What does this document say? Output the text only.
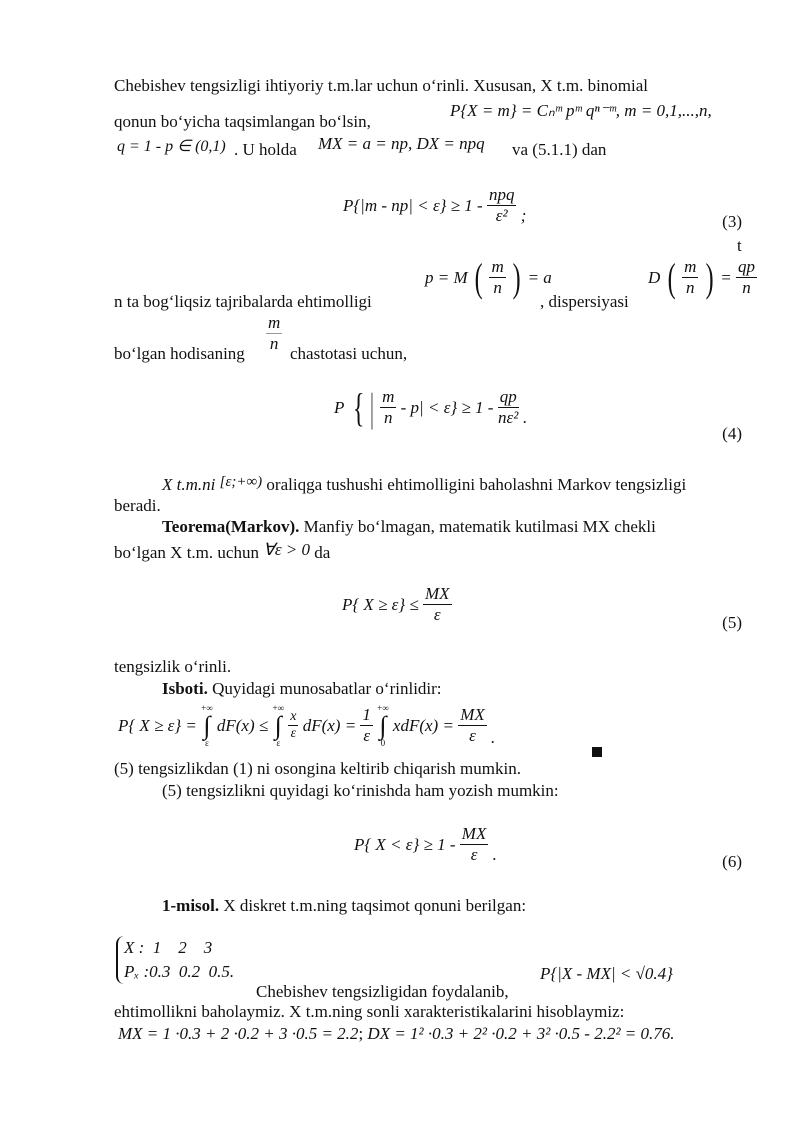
Chebishev tengsizligi ihtiyoriy t.m.lar uchun o‘rinli. Xususan, X t.m. binomial
qonun bo‘yicha taqsimlangan bo‘lsin,
P{X = m} = Cₙᵐ pᵐ qⁿ⁻ᵐ, m = 0,1,...,n,
q = 1 - p ∈ (0,1) . U holda MX = a = np, DX = npq va (5.1.1) dan
$P\{|m - np| < \varepsilon\} \ge 1 - \frac{\text{npq}}{\text{ε²}}$ ;	(3)
t
n ta bog‘liqsiz tajribalarda ehtimolligi
p = M ( $\frac{m}{n}$ ) = a
, dispersiyasi
D ( $\frac{m}{n}$ ) = $\frac{qp}{n}$
$\frac{m}{n}$
bo‘lgan hodisaning	chastotasi uchun,
P { | $\frac{m}{n} - p| < \varepsilon\} \ge 1 - \frac{qp}{\text{nε²}}$ .
(4)
X t.m.ni [ε;+∞) oraliqga tushushi ehtimolligini baholashni Markov tengsizligi
beradi.
Teorema(Markov). Manfiy bo‘lmagan, matematik kutilmasi MX chekli
bo‘lgan X t.m. uchun ∀ε > 0 da
P{ $X \ge \varepsilon\} \le \frac{MX}{\varepsilon}$	(5)
tengsizlik o‘rinli.
Isboti. Quyidagi munosabatlar o‘rinlidir:
P{ X ≥ ε} =
+∞
∫
ε
dF(x) ≤
+∞
∫
ε

$\frac{x}{\varepsilon} dF(x) = \frac{1}{\varepsilon}$
+∞
∫
0
$xdF(x) = \frac{MX}{\varepsilon}$ .
(5) tengsizlikdan (1) ni osongina keltirib chiqarish mumkin.
(5) tengsizlikni quyidagi ko‘rinishda ham yozish mumkin:
P{ $X < \varepsilon\} \ge 1 - \frac{MX}{\varepsilon}$ .	(6)
1-misol. X diskret t.m.ning taqsimot qonuni berilgan:
X :  1    2    3
Pₓ :0.3  0.2  0.5.
Chebishev tengsizligidan foydalanib,
P{|X - MX| < √0.4}
ehtimollikni baholaymiz. X t.m.ning sonli xarakteristikalarini hisoblaymiz:
MX = 1 ·0.3 + 2 ·0.2 + 3 ·0.5 = 2.2; DX = 1² ·0.3 + 2² ·0.2 + 3² ·0.5 - 2.2² = 0.76.
